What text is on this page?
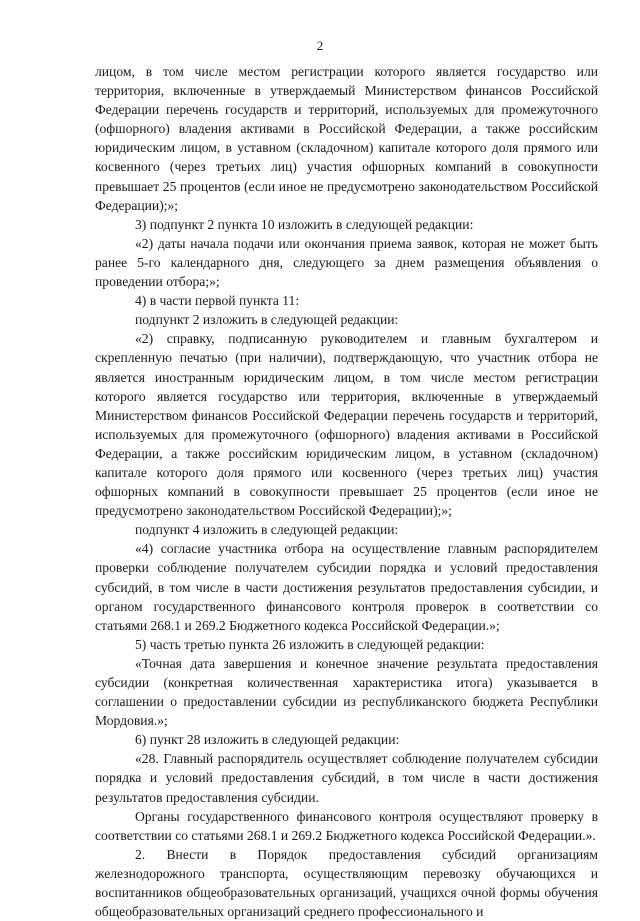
2

лицом, в том числе местом регистрации которого является государство или территория, включенные в утверждаемый Министерством финансов Российской Федерации перечень государств и территорий, используемых для промежуточного (офшорного) владения активами в Российской Федерации, а также российским юридическим лицом, в уставном (складочном) капитале которого доля прямого или косвенного (через третьих лиц) участия офшорных компаний в совокупности превышает 25 процентов (если иное не предусмотрено законодательством Российской Федерации);»;

3) подпункт 2 пункта 10 изложить в следующей редакции:

«2) даты начала подачи или окончания приема заявок, которая не может быть ранее 5-го календарного дня, следующего за днем размещения объявления о проведении отбора;»;

4) в части первой пункта 11:

подпункт 2 изложить в следующей редакции:

«2) справку, подписанную руководителем и главным бухгалтером и скрепленную печатью (при наличии), подтверждающую, что участник отбора не является иностранным юридическим лицом, в том числе местом регистрации которого является государство или территория, включенные в утверждаемый Министерством финансов Российской Федерации перечень государств и территорий, используемых для промежуточного (офшорного) владения активами в Российской Федерации, а также российским юридическим лицом, в уставном (складочном) капитале которого доля прямого или косвенного (через третьих лиц) участия офшорных компаний в совокупности превышает 25 процентов (если иное не предусмотрено законодательством Российской Федерации);»;

подпункт 4 изложить в следующей редакции:

«4) согласие участника отбора на осуществление главным распорядителем проверки соблюдение получателем субсидии порядка и условий предоставления субсидий, в том числе в части достижения результатов предоставления субсидии, и органом государственного финансового контроля проверок в соответствии со статьями 268.1 и 269.2 Бюджетного кодекса Российской Федерации.»;

5) часть третью пункта 26 изложить в следующей редакции:

«Точная дата завершения и конечное значение результата предоставления субсидии (конкретная количественная характеристика итога) указывается в соглашении о предоставлении субсидии из республиканского бюджета Республики Мордовия.»;

6) пункт 28 изложить в следующей редакции:

«28. Главный распорядитель осуществляет соблюдение получателем субсидии порядка и условий предоставления субсидий, в том числе в части достижения результатов предоставления субсидии.

Органы государственного финансового контроля осуществляют проверку в соответствии со статьями 268.1 и 269.2 Бюджетного кодекса Российской Федерации.».

2. Внести в Порядок предоставления субсидий организациям железнодорожного транспорта, осуществляющим перевозку обучающихся и воспитанников общеобразовательных организаций, учащихся очной формы обучения общеобразовательных организаций среднего профессионального и
